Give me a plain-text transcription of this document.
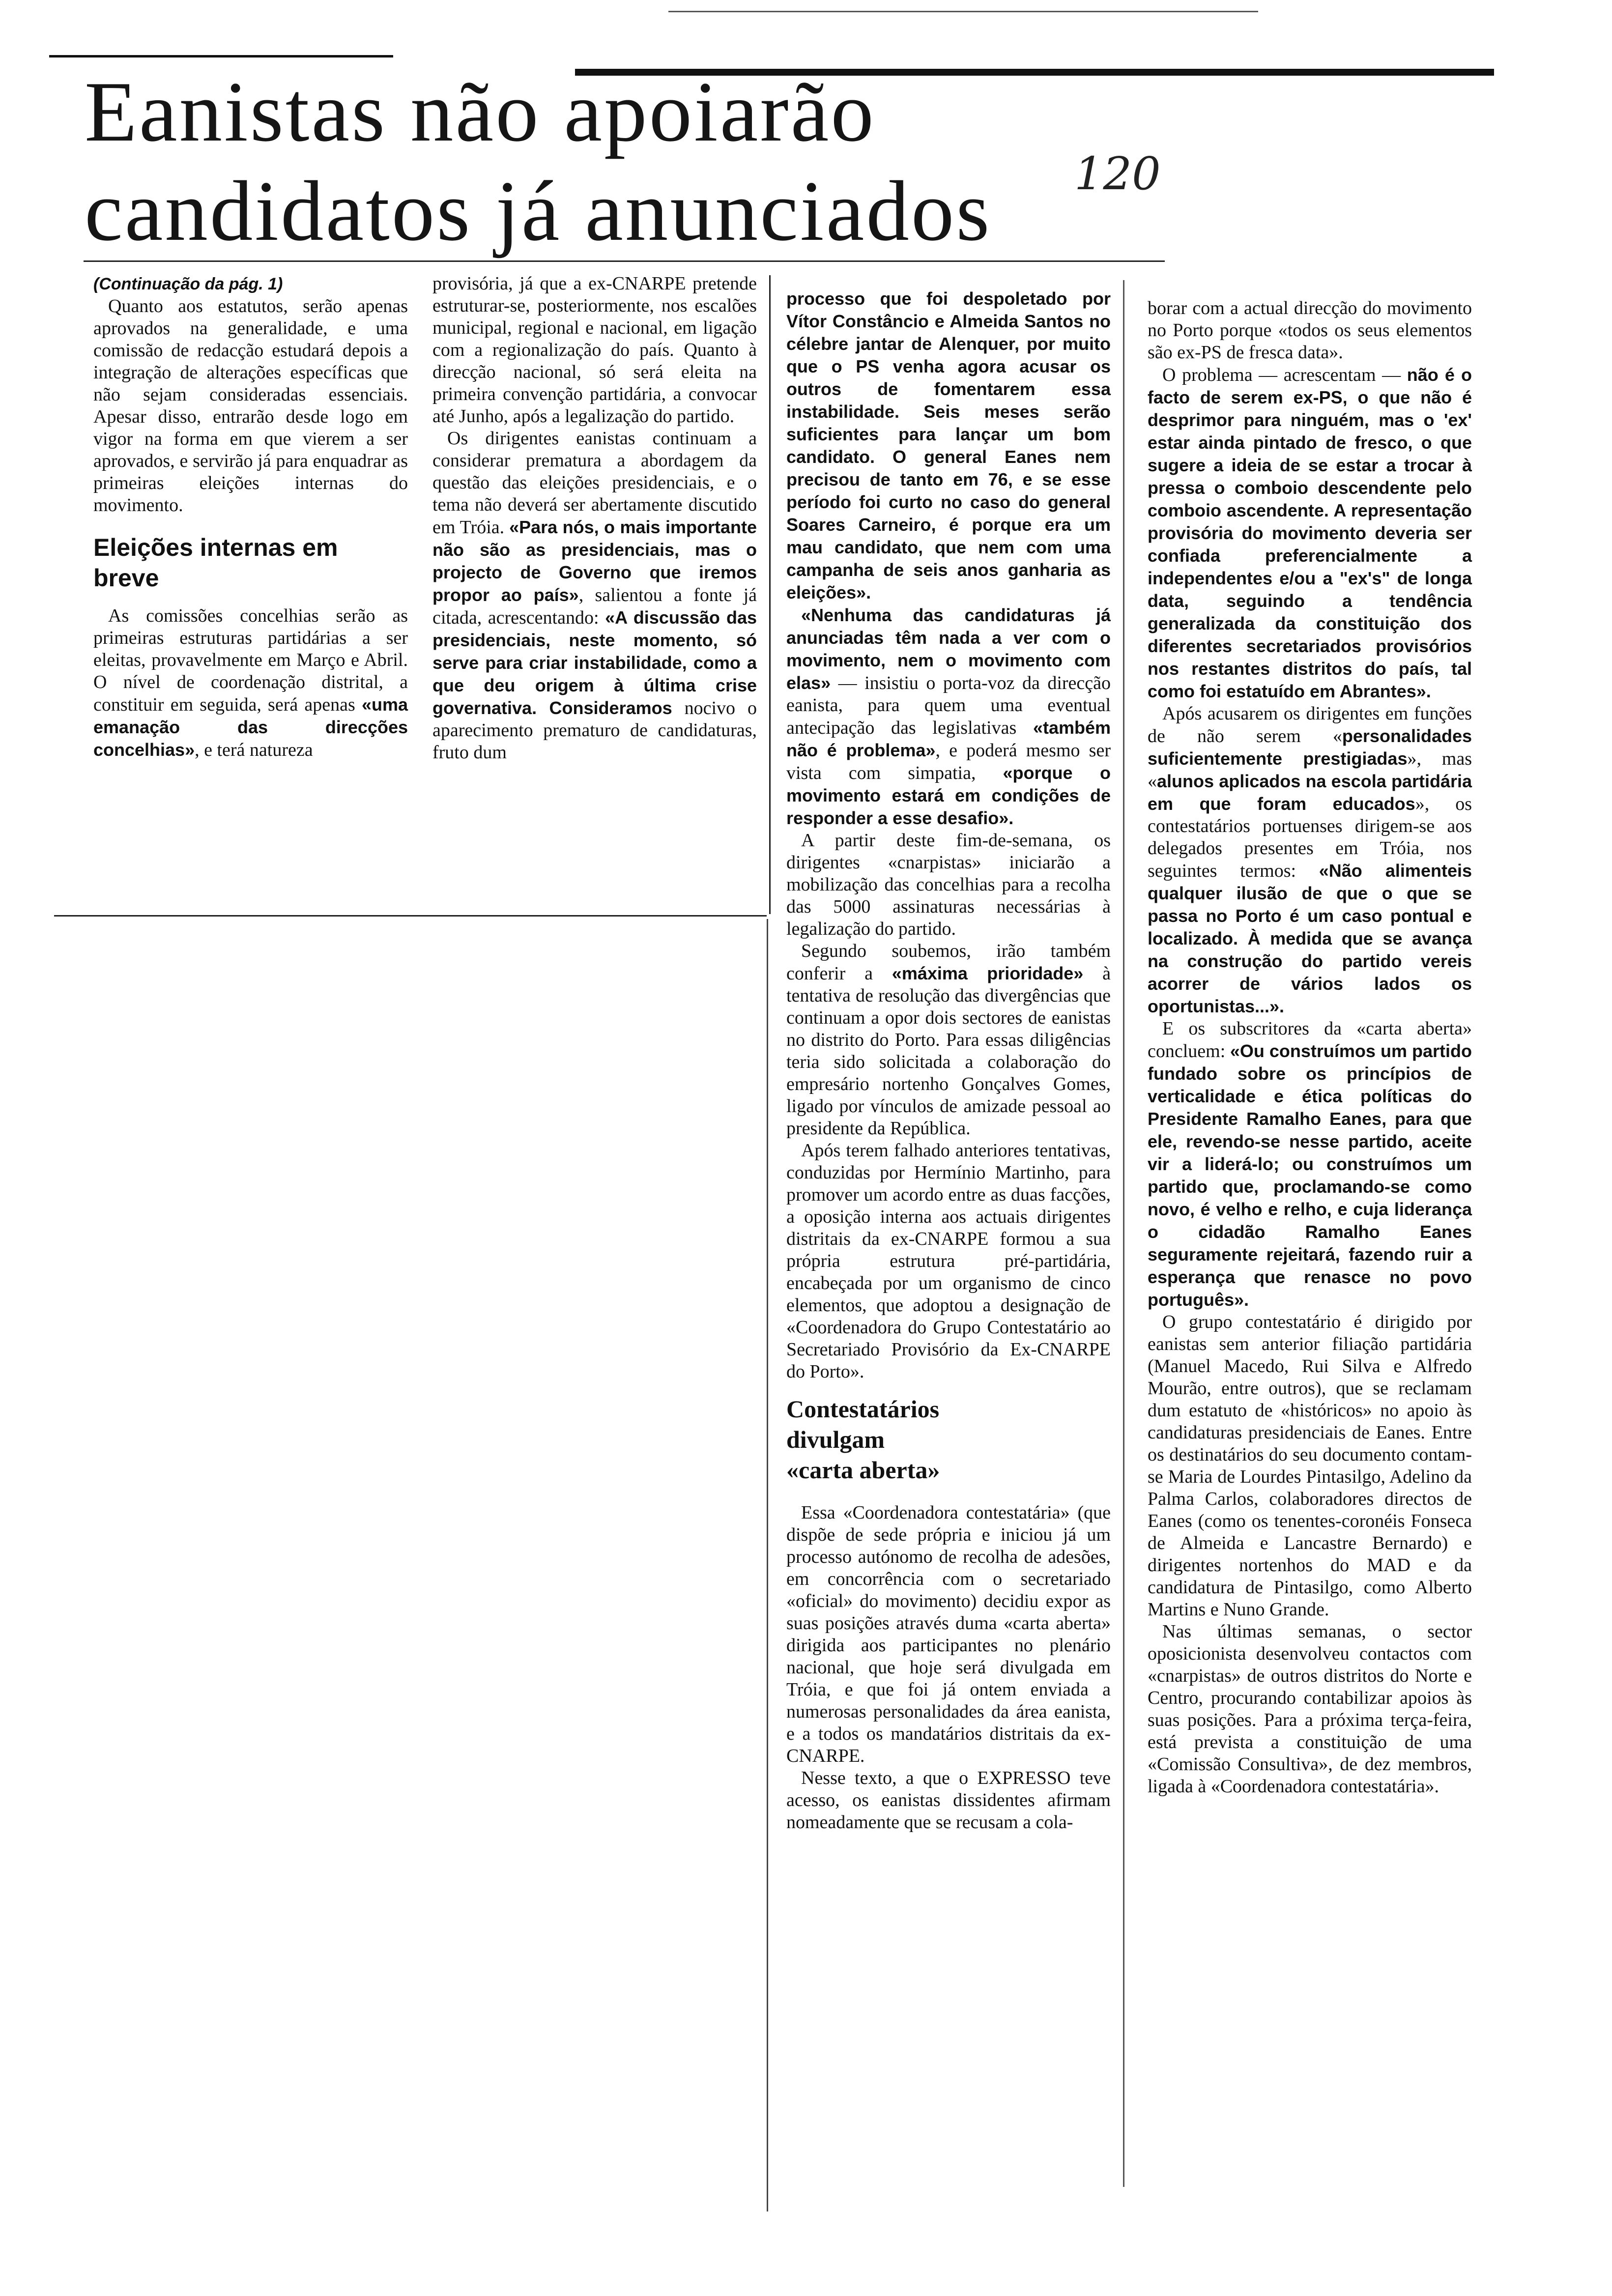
Eanistas não apoiarão
candidatos já anunciados 120

(Continuação da pág. 1)

Quanto aos estatutos, serão apenas aprovados na generalidade, e uma comissão de redacção estudará depois a integração de alterações específicas que não sejam consideradas essenciais. Apesar disso, entrarão desde logo em vigor na forma em que vierem a ser aprovados, e servirão já para enquadrar as primeiras eleições internas do movimento.

Eleições internas em breve

As comissões concelhias serão as primeiras estruturas partidárias a ser eleitas, provavelmente em Março e Abril. O nível de coordenação distrital, a constituir em seguida, será apenas «uma emanação das direcções concelhias», e terá natureza

provisória, já que a ex-CNARPE pretende estruturar-se, posteriormente, nos escalões municipal, regional e nacional, em ligação com a regionalização do país. Quanto à direcção nacional, só será eleita na primeira convenção partidária, a convocar até Junho, após a legalização do partido.

Os dirigentes eanistas continuam a considerar prematura a abordagem da questão das eleições presidenciais, e o tema não deverá ser abertamente discutido em Tróia. «Para nós, o mais importante não são as presidenciais, mas o projecto de Governo que iremos propor ao país», salientou a fonte já citada, acrescentando: «A discussão das presidenciais, neste momento, só serve para criar instabilidade, como a que deu origem à última crise governativa. Consideramos nocivo o aparecimento prematuro de candidaturas, fruto dum

processo que foi despoletado por Vítor Constâncio e Almeida Santos no célebre jantar de Alenquer, por muito que o PS venha agora acusar os outros de fomentarem essa instabilidade. Seis meses serão suficientes para lançar um bom candidato. O general Eanes nem precisou de tanto em 76, e se esse período foi curto no caso do general Soares Carneiro, é porque era um mau candidato, que nem com uma campanha de seis anos ganharia as eleições».

«Nenhuma das candidaturas já anunciadas têm nada a ver com o movimento, nem o movimento com elas» — insistiu o porta-voz da direcção eanista, para quem uma eventual antecipação das legislativas «também não é problema», e poderá mesmo ser vista com simpatia, «porque o movimento estará em condições de responder a esse desafio».

A partir deste fim-de-semana, os dirigentes «cnarpistas» iniciarão a mobilização das concelhias para a recolha das 5000 assinaturas necessárias à legalização do partido.

Segundo soubemos, irão também conferir a «máxima prioridade» à tentativa de resolução das divergências que continuam a opor dois sectores de eanistas no distrito do Porto. Para essas diligências teria sido solicitada a colaboração do empresário nortenho Gonçalves Gomes, ligado por vínculos de amizade pessoal ao presidente da República.

Após terem falhado anteriores tentativas, conduzidas por Hermínio Martinho, para promover um acordo entre as duas facções, a oposição interna aos actuais dirigentes distritais da ex-CNARPE formou a sua própria estrutura pré-partidária, encabeçada por um organismo de cinco elementos, que adoptou a designação de «Coordenadora do Grupo Contestatário ao Secretariado Provisório da Ex-CNARPE do Porto».

Contestatários
divulgam
«carta aberta»

Essa «Coordenadora contestatária» (que dispõe de sede própria e iniciou já um processo autónomo de recolha de adesões, em concorrência com o secretariado «oficial» do movimento) decidiu expor as suas posições através duma «carta aberta» dirigida aos participantes no plenário nacional, que hoje será divulgada em Tróia, e que foi já ontem enviada a numerosas personalidades da área eanista, e a todos os mandatários distritais da ex-CNARPE.

Nesse texto, a que o EXPRESSO teve acesso, os eanistas dissidentes afirmam nomeadamente que se recusam a cola-

borar com a actual direcção do movimento no Porto porque «todos os seus elementos são ex-PS de fresca data».

O problema — acrescentam — não é o facto de serem ex-PS, o que não é desprimor para ninguém, mas o 'ex' estar ainda pintado de fresco, o que sugere a ideia de se estar a trocar à pressa o comboio descendente pelo comboio ascendente. A representação provisória do movimento deveria ser confiada preferencialmente a independentes e/ou a "ex's" de longa data, seguindo a tendência generalizada da constituição dos diferentes secretariados provisórios nos restantes distritos do país, tal como foi estatuído em Abrantes».

Após acusarem os dirigentes em funções de não serem «personalidades suficientemente prestigiadas», mas «alunos aplicados na escola partidária em que foram educados», os contestatários portuenses dirigem-se aos delegados presentes em Tróia, nos seguintes termos: «Não alimenteis qualquer ilusão de que o que se passa no Porto é um caso pontual e localizado. À medida que se avança na construção do partido vereis acorrer de vários lados os oportunistas...».

E os subscritores da «carta aberta» concluem: «Ou construímos um partido fundado sobre os princípios de verticalidade e ética políticas do Presidente Ramalho Eanes, para que ele, revendo-se nesse partido, aceite vir a liderá-lo; ou construímos um partido que, proclamando-se como novo, é velho e relho, e cuja liderança o cidadão Ramalho Eanes seguramente rejeitará, fazendo ruir a esperança que renasce no povo português».

O grupo contestatário é dirigido por eanistas sem anterior filiação partidária (Manuel Macedo, Rui Silva e Alfredo Mourão, entre outros), que se reclamam dum estatuto de «históricos» no apoio às candidaturas presidenciais de Eanes. Entre os destinatários do seu documento contam-se Maria de Lourdes Pintasilgo, Adelino da Palma Carlos, colaboradores directos de Eanes (como os tenentes-coronéis Fonseca de Almeida e Lancastre Bernardo) e dirigentes nortenhos do MAD e da candidatura de Pintasilgo, como Alberto Martins e Nuno Grande.

Nas últimas semanas, o sector oposicionista desenvolveu contactos com «cnarpistas» de outros distritos do Norte e Centro, procurando contabilizar apoios às suas posições. Para a próxima terça-feira, está prevista a constituição de uma «Comissão Consultiva», de dez membros, ligada à «Coordenadora contestatária».
